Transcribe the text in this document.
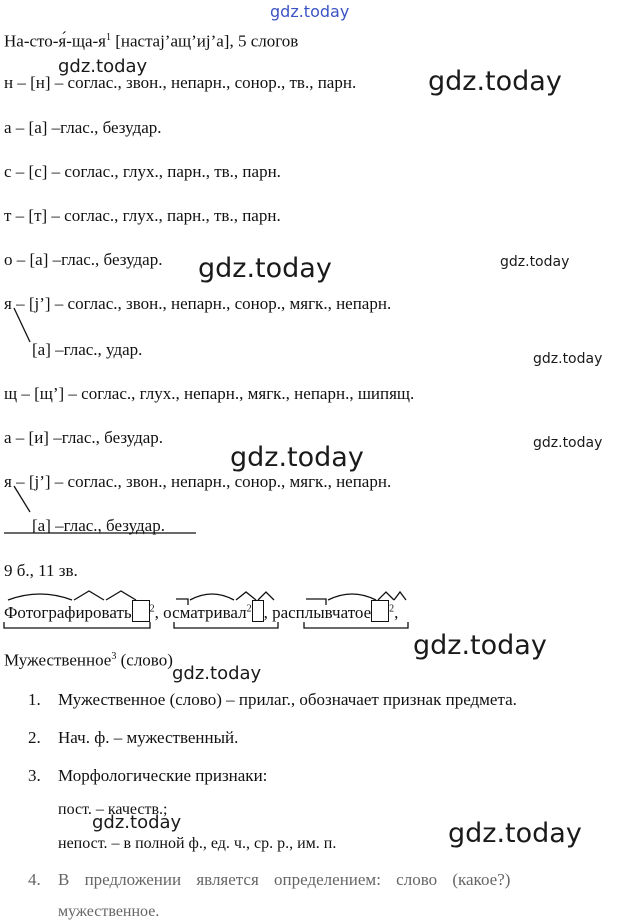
gdz.today
gdz.today	gdz.today
gdz.today	gdz.today
gdz.today
gdz.today
gdz.today
gdz.today
gdz.today
gdz.today	gdz.today
$На-сто-я́-ща-я^1$ [настaj’ащ’иj’а], 5 слогов
н – [н] – соглас., звон., непарн., сонор., тв., парн.
а – [а] –глас., безудар.
с – [с] – соглас., глух., парн., тв., парн.
т – [т] – соглас., глух., парн., тв., парн.
о – [а] –глас., безудар.
я – [j’] – соглас., звон., непарн., сонор., мягк., непарн.
[а] –глас., удар.
щ – [щ’] – соглас., глух., непарн., мягк., непарн., шипящ.
а – [и] –глас., безудар.
я – [j’] – соглас., звон., непарн., сонор., мягк., непарн.
[а] –глас., безудар.
9 б., 11 зв.
Фотографировать $^2$, осматривал$^2$ , расплывчатое $^2$,
Мужественное$^3$ (слово)
1. Мужественное (слово) – прилаг., обозначает признак предмета.
2. Нач. ф. – мужественный.
3. Морфологические признаки:
пост. – качеств.;
непост. – в полной ф., ед. ч., ср. р., им. п.
4. В предложении является определением: слово (какое?)
мужественное.
